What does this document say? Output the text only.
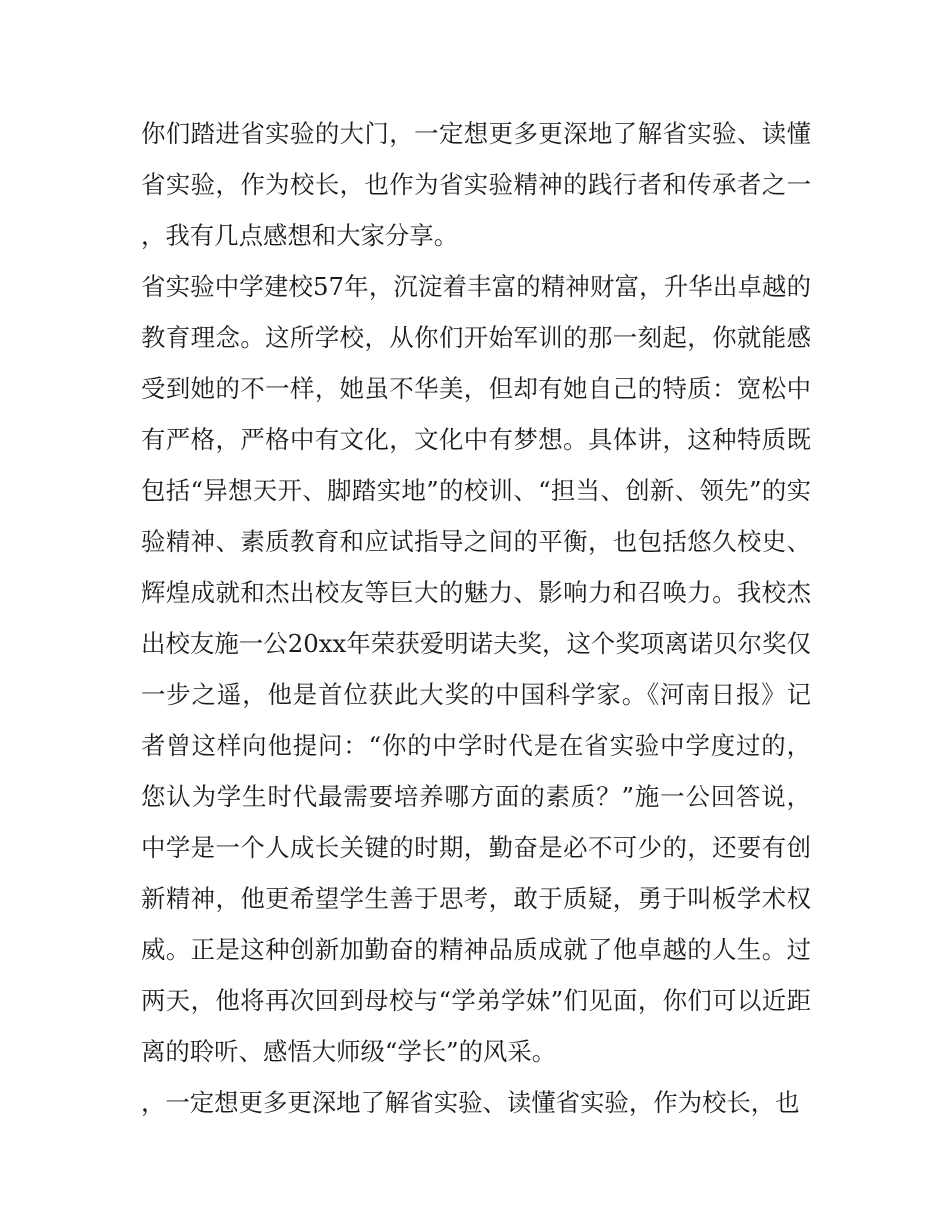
你们踏进省实验的大门，一定想更多更深地了解省实验、读懂省实验，作为校长，也作为省实验精神的践行者和传承者之一，我有几点感想和大家分享。

省实验中学建校57年，沉淀着丰富的精神财富，升华出卓越的教育理念。这所学校，从你们开始军训的那一刻起，你就能感受到她的不一样，她虽不华美，但却有她自己的特质：宽松中有严格，严格中有文化，文化中有梦想。具体讲，这种特质既包括“异想天开、脚踏实地”的校训、“担当、创新、领先”的实验精神、素质教育和应试指导之间的平衡，也包括悠久校史、辉煌成就和杰出校友等巨大的魅力、影响力和召唤力。我校杰出校友施一公20xx年荣获爱明诺夫奖，这个奖项离诺贝尔奖仅一步之遥，他是首位获此大奖的中国科学家。《河南日报》记者曾这样向他提问：“你的中学时代是在省实验中学度过的，您认为学生时代最需要培养哪方面的素质？”施一公回答说，中学是一个人成长关键的时期，勤奋是必不可少的，还要有创新精神，他更希望学生善于思考，敢于质疑，勇于叫板学术权威。正是这种创新加勤奋的精神品质成就了他卓越的人生。过两天，他将再次回到母校与“学弟学妹”们见面，你们可以近距离的聆听、感悟大师级“学长”的风采。

，一定想更多更深地了解省实验、读懂省实验，作为校长，也
